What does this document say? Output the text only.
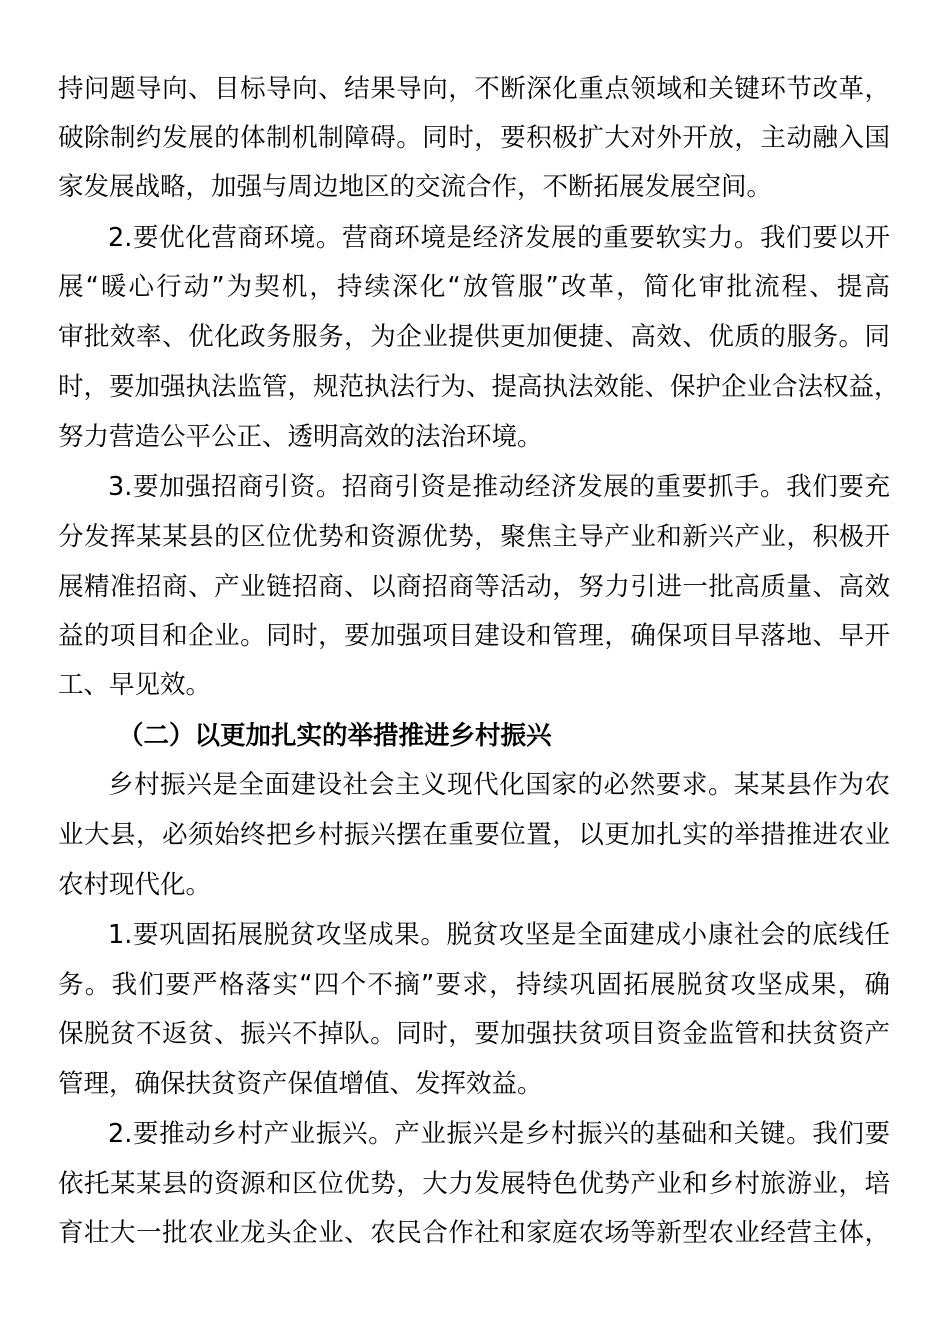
持问题导向、目标导向、结果导向，不断深化重点领域和关键环节改革，
破除制约发展的体制机制障碍。同时，要积极扩大对外开放，主动融入国
家发展战略，加强与周边地区的交流合作，不断拓展发展空间。
2.要优化营商环境。营商环境是经济发展的重要软实力。我们要以开
展“暖心行动”为契机，持续深化“放管服”改革，简化审批流程、提高
审批效率、优化政务服务，为企业提供更加便捷、高效、优质的服务。同
时，要加强执法监管，规范执法行为、提高执法效能、保护企业合法权益，
努力营造公平公正、透明高效的法治环境。
3.要加强招商引资。招商引资是推动经济发展的重要抓手。我们要充
分发挥某某县的区位优势和资源优势，聚焦主导产业和新兴产业，积极开
展精准招商、产业链招商、以商招商等活动，努力引进一批高质量、高效
益的项目和企业。同时，要加强项目建设和管理，确保项目早落地、早开
工、早见效。
（二）以更加扎实的举措推进乡村振兴
乡村振兴是全面建设社会主义现代化国家的必然要求。某某县作为农
业大县，必须始终把乡村振兴摆在重要位置，以更加扎实的举措推进农业
农村现代化。
1.要巩固拓展脱贫攻坚成果。脱贫攻坚是全面建成小康社会的底线任
务。我们要严格落实“四个不摘”要求，持续巩固拓展脱贫攻坚成果，确
保脱贫不返贫、振兴不掉队。同时，要加强扶贫项目资金监管和扶贫资产
管理，确保扶贫资产保值增值、发挥效益。
2.要推动乡村产业振兴。产业振兴是乡村振兴的基础和关键。我们要
依托某某县的资源和区位优势，大力发展特色优势产业和乡村旅游业，培
育壮大一批农业龙头企业、农民合作社和家庭农场等新型农业经营主体，
